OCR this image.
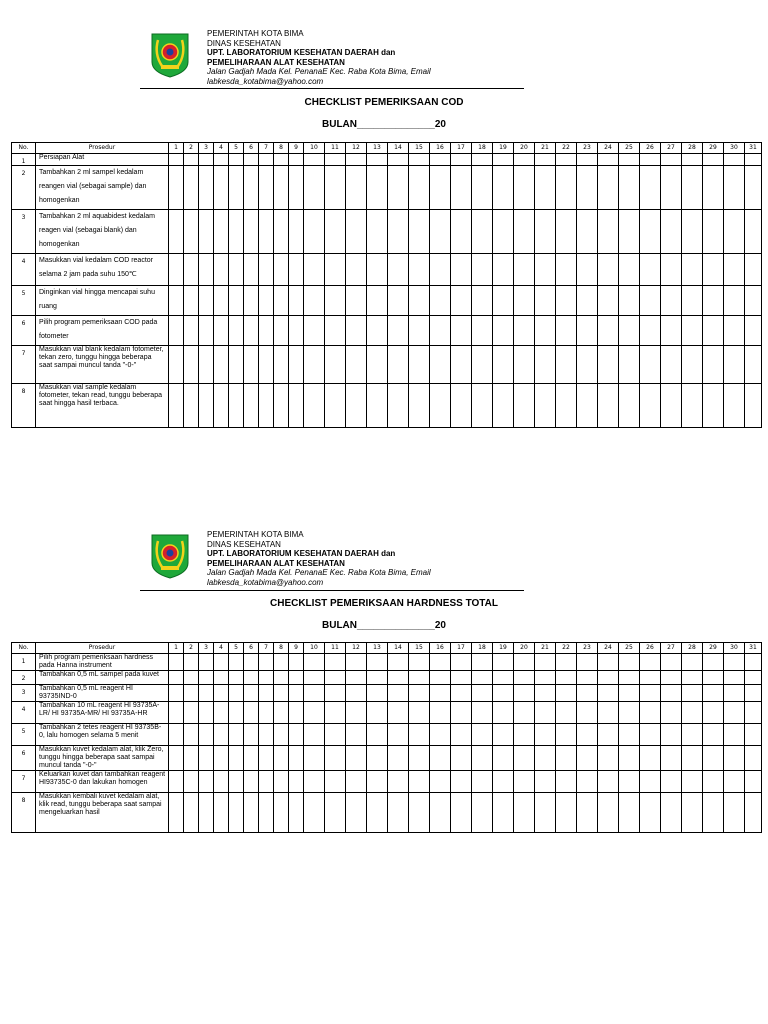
PEMERINTAH KOTA BIMA
DINAS KESEHATAN
UPT. LABORATORIUM KESEHATAN DAERAH dan
PEMELIHARAAN ALAT KESEHATAN
Jalan Gadjah Mada Kel. PenanaE Kec. Raba Kota Bima, Email
labkesda_kotabima@yahoo.com
CHECKLIST PEMERIKSAAN COD
BULAN______________20
No.	Prosedur	1	2	3	4	5	6	7	8	9	10	11	12	13	14	15	16	17	18	19	20	21	22	23	24	25	26	27	28	29	30	31
1	Persiapan Alat																															
2	Tambahkan 2 ml sampel kedalam reangen vial (sebagai sample) dan homogenkan																															
3	Tambahkan 2 ml aquabidest kedalam reagen vial (sebagai blank) dan homogenkan																															
4	Masukkan vial kedalam COD reactor selama 2 jam pada suhu 150℃																															
5	Dinginkan vial hingga mencapai suhu ruang																															
6	Pilih program pemeriksaan COD pada fotometer																															
7	Masukkan vial blank kedalam fotometer, tekan zero, tunggu hingga beberapa saat sampai muncul tanda "-0-"																															
8	Masukkan vial sample kedalam fotometer, tekan read, tunggu beberapa saat hingga hasil terbaca.																															
PEMERINTAH KOTA BIMA
DINAS KESEHATAN
UPT. LABORATORIUM KESEHATAN DAERAH dan
PEMELIHARAAN ALAT KESEHATAN
Jalan Gadjah Mada Kel. PenanaE Kec. Raba Kota Bima, Email
labkesda_kotabima@yahoo.com
CHECKLIST PEMERIKSAAN HARDNESS TOTAL
BULAN______________20
No.	Prosedur	1	2	3	4	5	6	7	8	9	10	11	12	13	14	15	16	17	18	19	20	21	22	23	24	25	26	27	28	29	30	31
1	Pilih program pemeriksaan hardness pada Hanna instrument																															
2	Tambahkan 0,5 mL sampel pada kuvet																															
3	Tambahkan 0,5 mL reagent HI 93735IND-0																															
4	Tambahkan 10 mL reagent HI 93735A-LR/ HI 93735A-MR/ HI 93735A-HR																															
5	Tambahkan 2 tetes reagent HI 93735B-0, lalu homogen selama 5 menit																															
6	Masukkan kuvet kedalam alat, klik Zero, tunggu hingga beberapa saat sampai muncul tanda "-0-"																															
7	Keluarkan kuvet dan tambahkan reagent HI93735C-0 dan lakukan homogen																															
8	Masukkan kembali kuvet kedalam alat, klik read, tunggu beberapa saat sampai mengeluarkan hasil																															
